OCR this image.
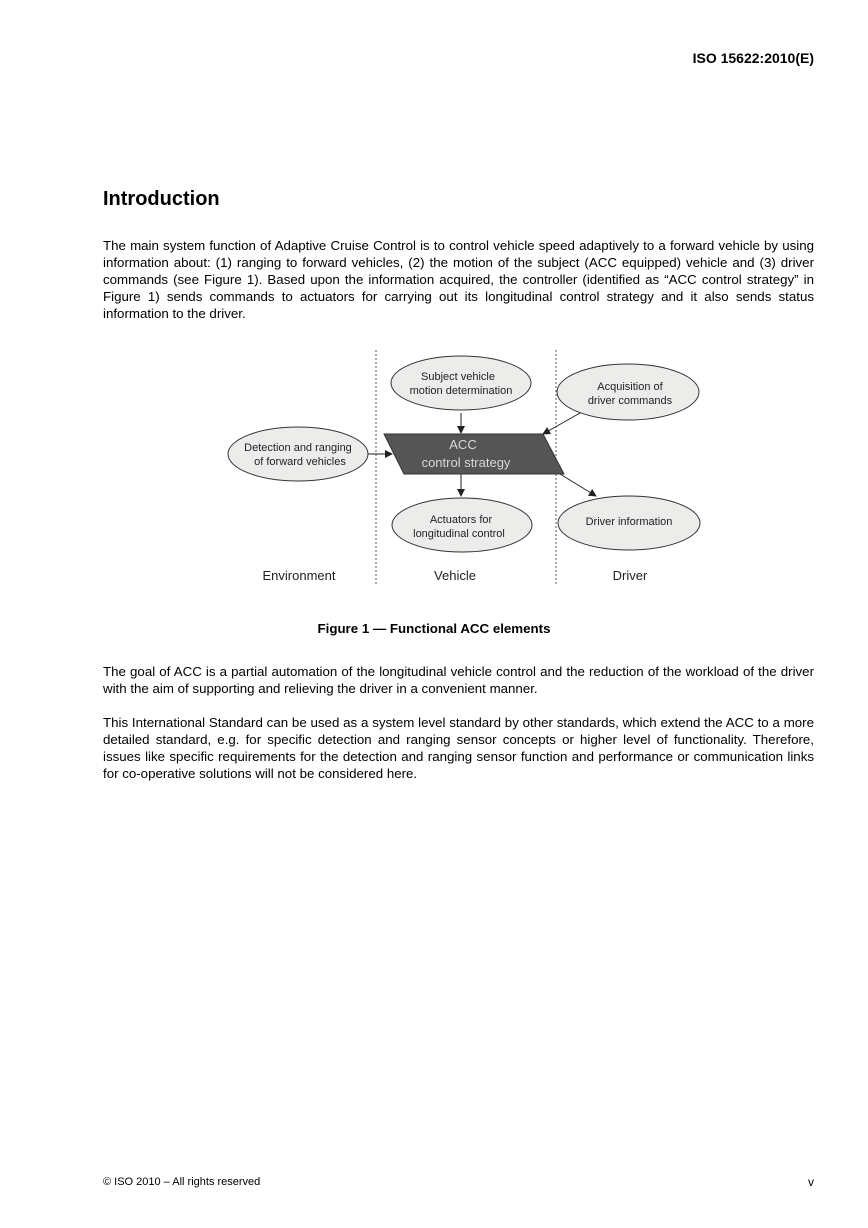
ISO 15622:2010(E)
Introduction

The main system function of Adaptive Cruise Control is to control vehicle speed adaptively to a forward vehicle by using information about: (1) ranging to forward vehicles, (2) the motion of the subject (ACC equipped) vehicle and (3) driver commands (see Figure 1). Based upon the information acquired, the controller (identified as “ACC control strategy” in Figure 1) sends commands to actuators for carrying out its longitudinal control strategy and it also sends status information to the driver.

Subject vehicle
motion determination	Acquisition of
driver commands
Detection and ranging
of forward vehicles
ACC
control strategy
Actuators for
longitudinal control
Driver information
Environment	Vehicle	Driver
Figure 1 — Functional ACC elements

The goal of ACC is a partial automation of the longitudinal vehicle control and the reduction of the workload of the driver with the aim of supporting and relieving the driver in a convenient manner.

This International Standard can be used as a system level standard by other standards, which extend the ACC to a more detailed standard, e.g. for specific detection and ranging sensor concepts or higher level of functionality. Therefore, issues like specific requirements for the detection and ranging sensor function and performance or communication links for co-operative solutions will not be considered here.

© ISO 2010 – All rights reserved	v
